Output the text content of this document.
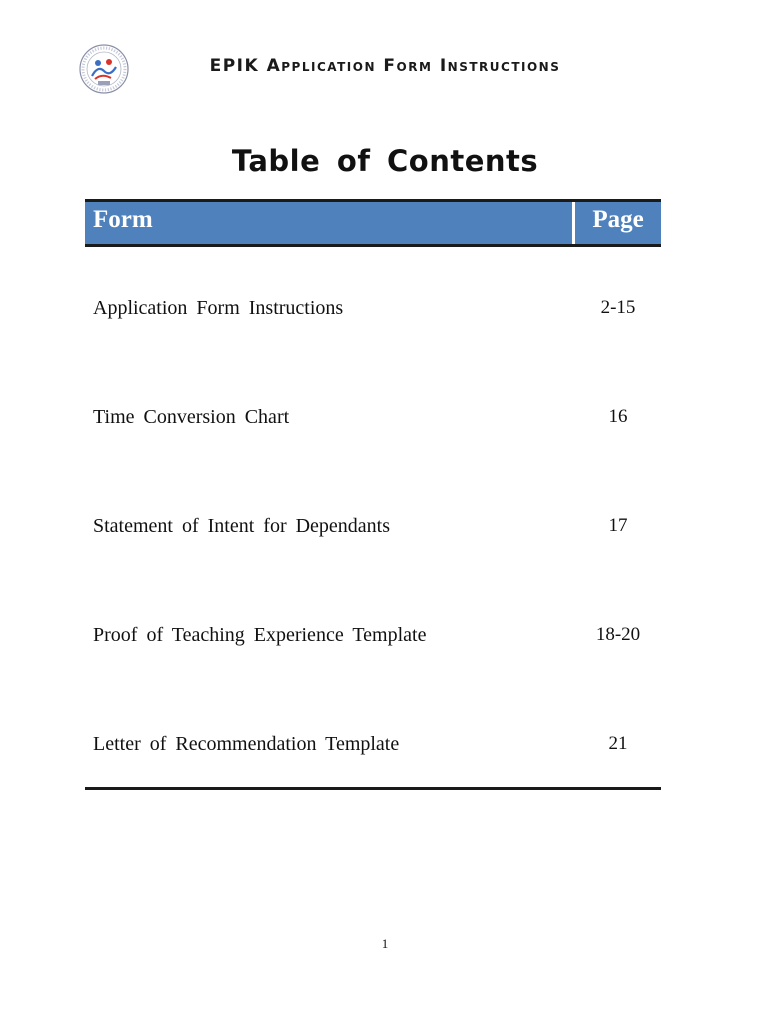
EPIK Application Form Instructions
Table of Contents
Form	Page
Application Form Instructions	2-15
Time Conversion Chart	16
Statement of Intent for Dependants	17
Proof of Teaching Experience Template	18-20
Letter of Recommendation Template	21
1
